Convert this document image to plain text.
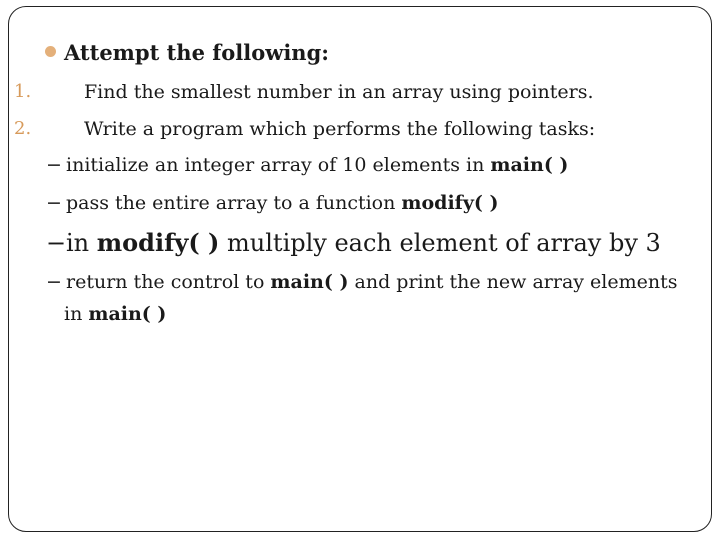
Attempt the following:
1.	Find the smallest number in an array using pointers.
2.	Write a program which performs the following tasks:
− initialize an integer array of 10 elements in main( )
− pass the entire array to a function modify( )
−in modify( ) multiply each element of array by 3
− return the control to main( ) and print the new array elements
in main( )
